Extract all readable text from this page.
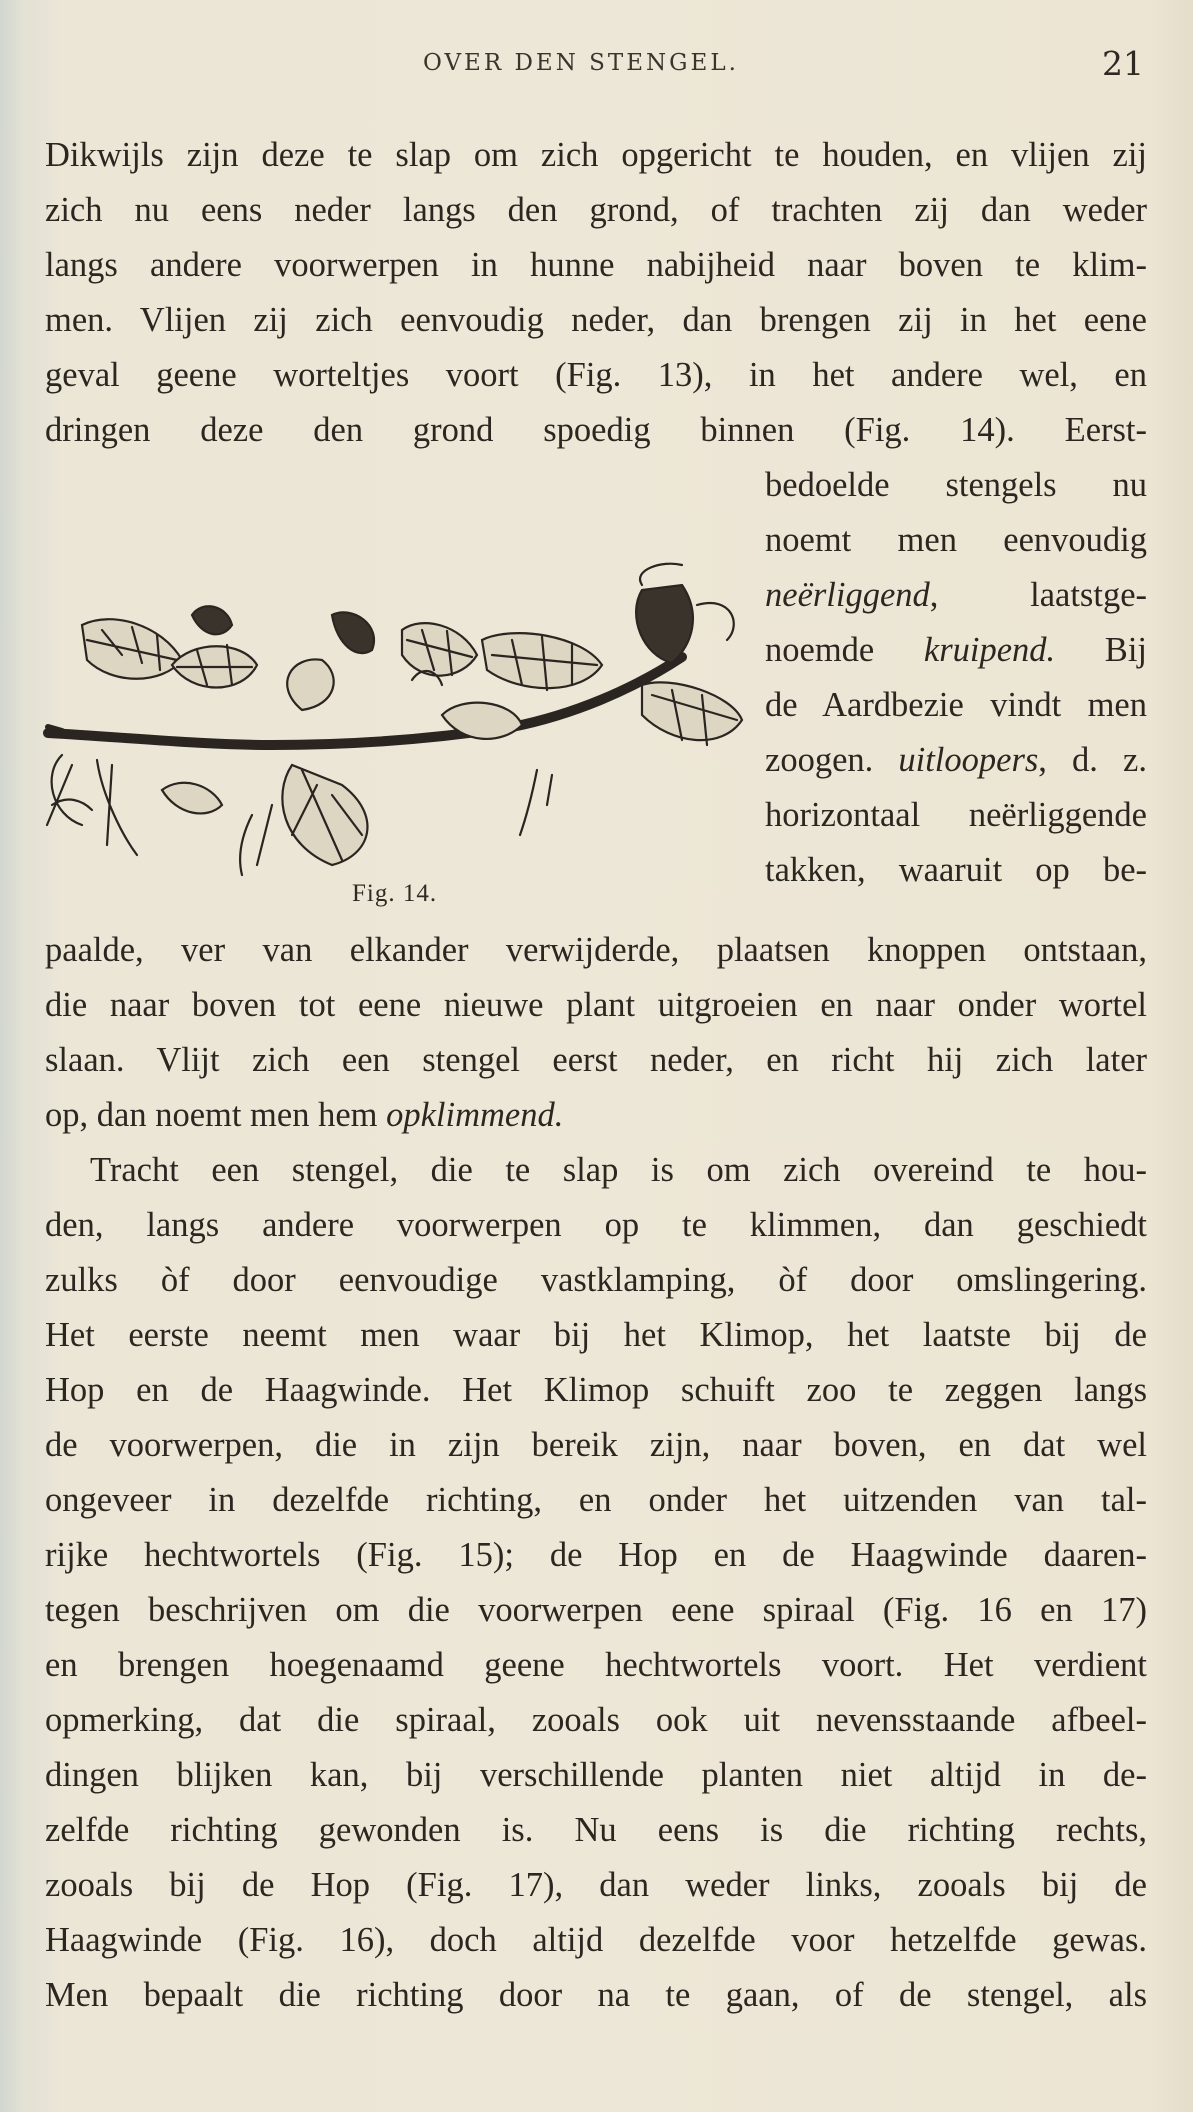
OVER DEN STENGEL.	21
Dikwijls zijn deze te slap om zich opgericht te houden, en vlijen zij
zich nu eens neder langs den grond, of trachten zij dan weder
langs andere voorwerpen in hunne nabijheid naar boven te klim-
men. Vlijen zij zich eenvoudig neder, dan brengen zij in het eene
geval geene worteltjes voort (Fig. 13), in het andere wel, en
dringen deze den grond spoedig binnen (Fig. 14). Eerst-
bedoelde stengels nu
noemt men eenvoudig
neërliggend, laatstge-
noemde kruipend. Bij
de Aardbezie vindt men
zoogen. uitloopers, d. z.
horizontaal neërliggende
takken, waaruit op be-
Fig. 14.
paalde, ver van elkander verwijderde, plaatsen knoppen ontstaan,
die naar boven tot eene nieuwe plant uitgroeien en naar onder wortel
slaan. Vlijt zich een stengel eerst neder, en richt hij zich later
op, dan noemt men hem opklimmend.
Tracht een stengel, die te slap is om zich overeind te hou-
den, langs andere voorwerpen op te klimmen, dan geschiedt
zulks òf door eenvoudige vastklamping, òf door omslingering.
Het eerste neemt men waar bij het Klimop, het laatste bij de
Hop en de Haagwinde. Het Klimop schuift zoo te zeggen langs
de voorwerpen, die in zijn bereik zijn, naar boven, en dat wel
ongeveer in dezelfde richting, en onder het uitzenden van tal-
rijke hechtwortels (Fig. 15); de Hop en de Haagwinde daaren-
tegen beschrijven om die voorwerpen eene spiraal (Fig. 16 en 17)
en brengen hoegenaamd geene hechtwortels voort. Het verdient
opmerking, dat die spiraal, zooals ook uit nevensstaande afbeel-
dingen blijken kan, bij verschillende planten niet altijd in de-
zelfde richting gewonden is. Nu eens is die richting rechts,
zooals bij de Hop (Fig. 17), dan weder links, zooals bij de
Haagwinde (Fig. 16), doch altijd dezelfde voor hetzelfde gewas.
Men bepaalt die richting door na te gaan, of de stengel, als
